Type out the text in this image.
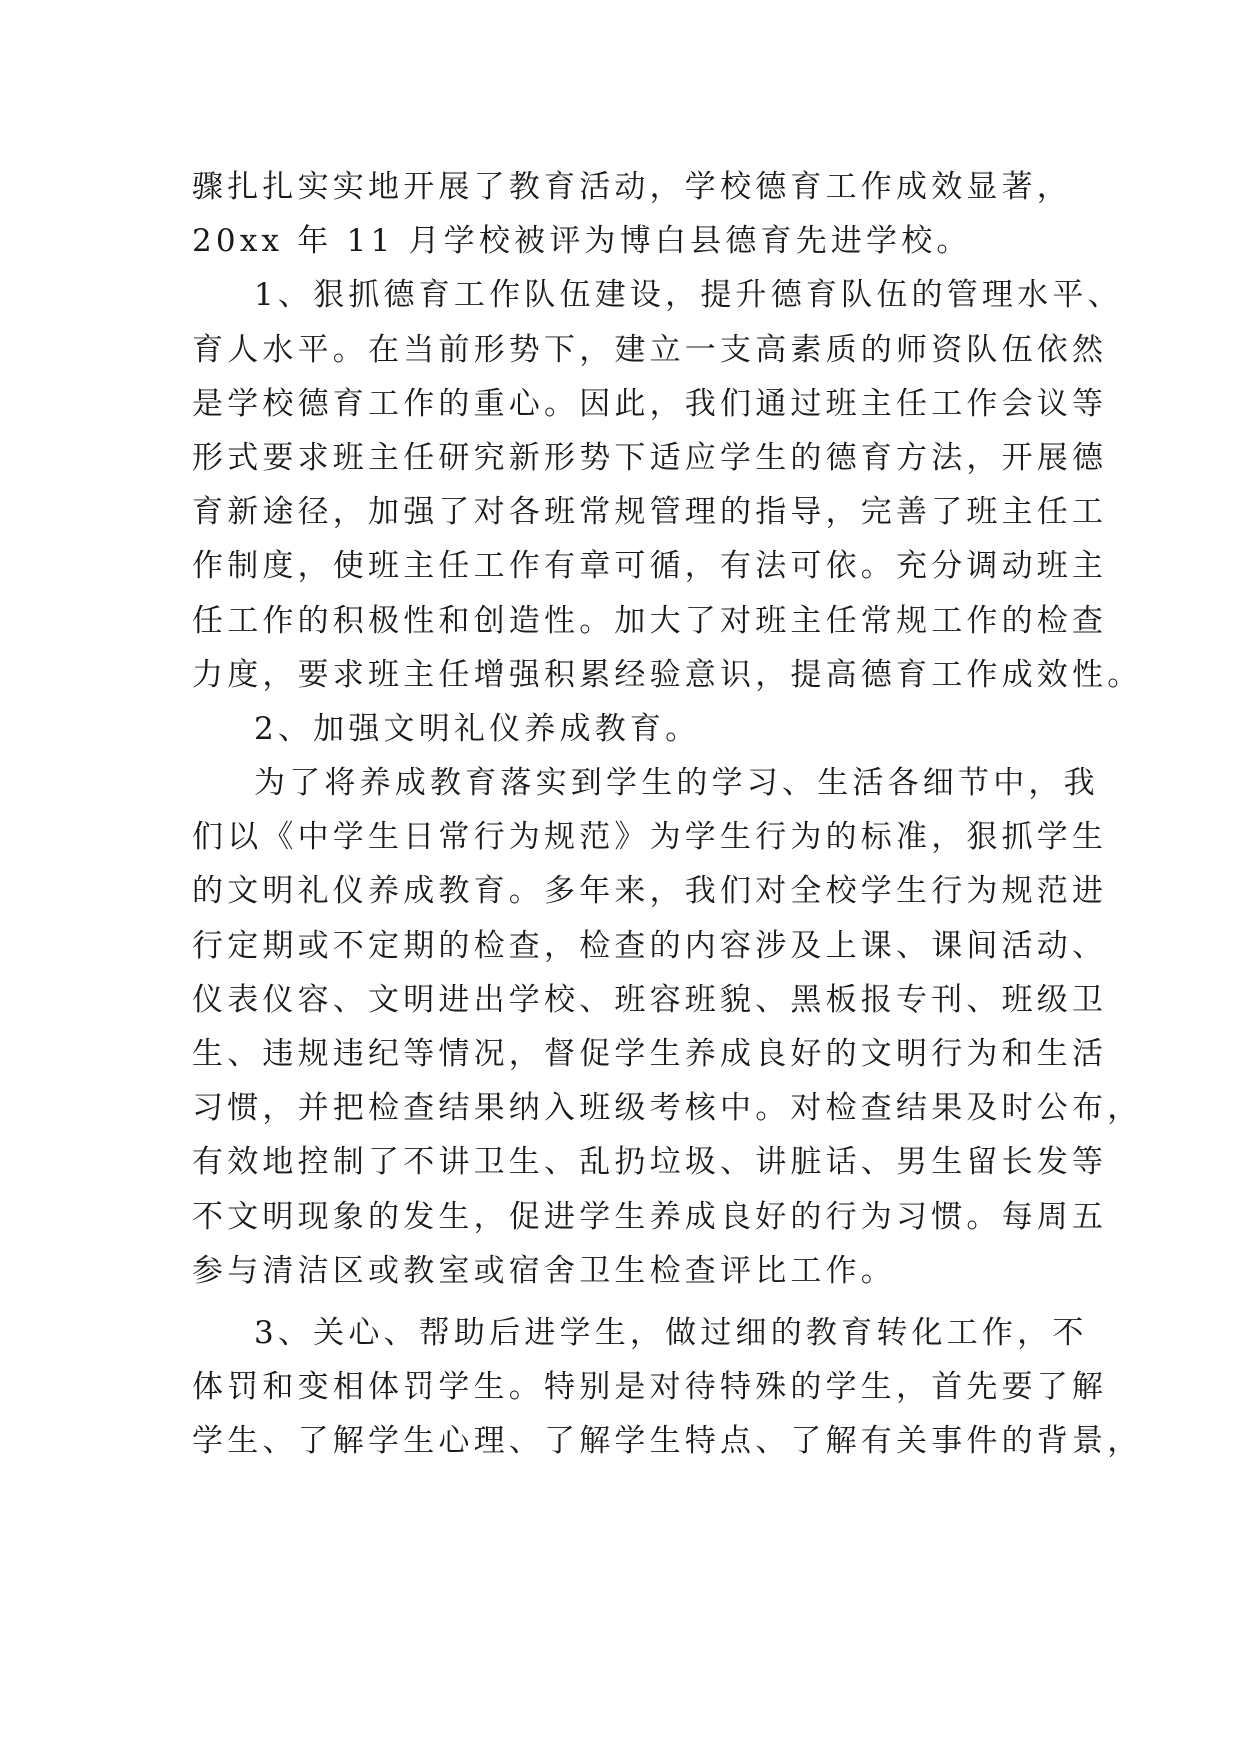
骤扎扎实实地开展了教育活动，学校德育工作成效显著，
20xx 年 11 月学校被评为博白县德育先进学校。
1、狠抓德育工作队伍建设，提升德育队伍的管理水平、
育人水平。在当前形势下，建立一支高素质的师资队伍依然
是学校德育工作的重心。因此，我们通过班主任工作会议等
形式要求班主任研究新形势下适应学生的德育方法，开展德
育新途径，加强了对各班常规管理的指导，完善了班主任工
作制度，使班主任工作有章可循，有法可依。充分调动班主
任工作的积极性和创造性。加大了对班主任常规工作的检查
力度，要求班主任增强积累经验意识，提高德育工作成效性。
2、加强文明礼仪养成教育。
为了将养成教育落实到学生的学习、生活各细节中，我
们以《中学生日常行为规范》为学生行为的标准，狠抓学生
的文明礼仪养成教育。多年来，我们对全校学生行为规范进
行定期或不定期的检查，检查的内容涉及上课、课间活动、
仪表仪容、文明进出学校、班容班貌、黑板报专刊、班级卫
生、违规违纪等情况，督促学生养成良好的文明行为和生活
习惯，并把检查结果纳入班级考核中。对检查结果及时公布，
有效地控制了不讲卫生、乱扔垃圾、讲脏话、男生留长发等
不文明现象的发生，促进学生养成良好的行为习惯。每周五
参与清洁区或教室或宿舍卫生检查评比工作。
3、关心、帮助后进学生，做过细的教育转化工作，不
体罚和变相体罚学生。特别是对待特殊的学生，首先要了解
学生、了解学生心理、了解学生特点、了解有关事件的背景，
